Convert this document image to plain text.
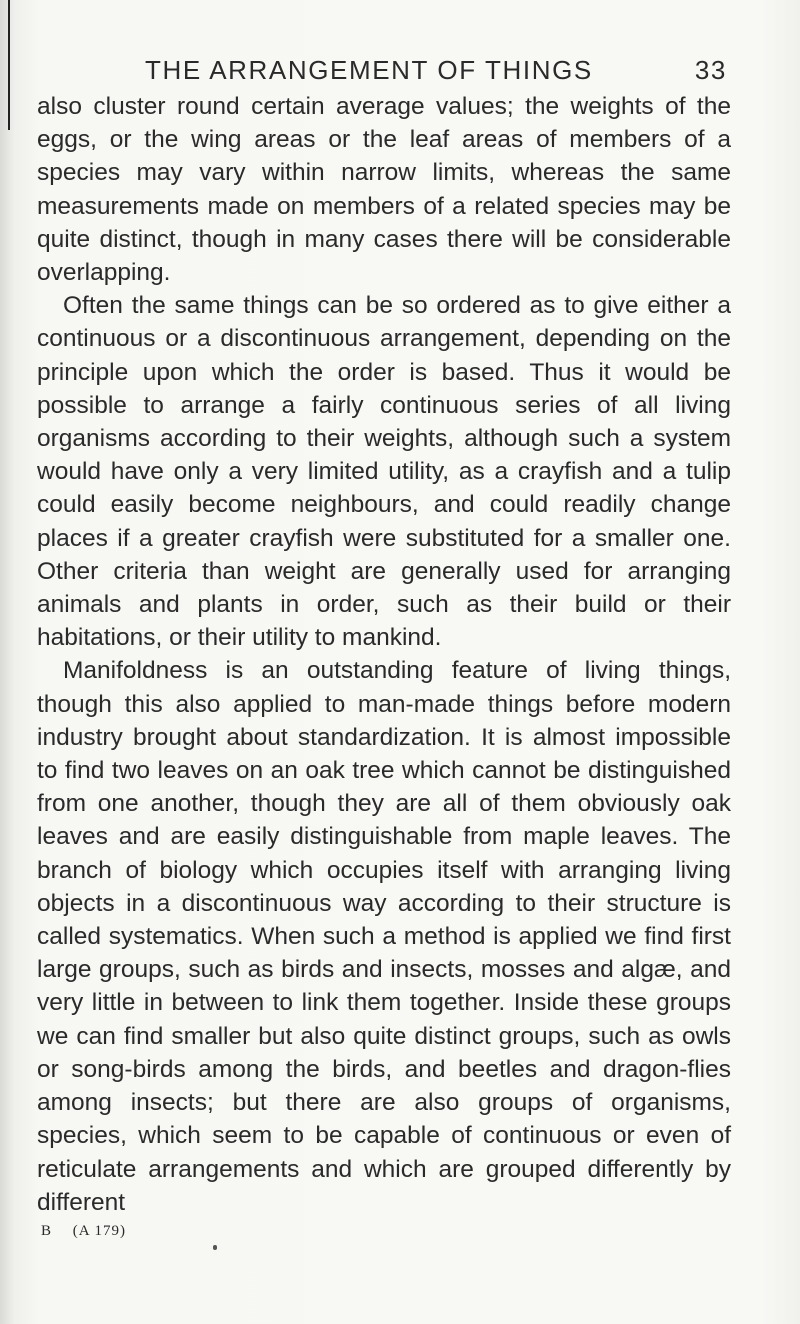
THE ARRANGEMENT OF THINGS	33

also cluster round certain average values; the weights of the eggs, or the wing areas or the leaf areas of members of a species may vary within narrow limits, whereas the same measurements made on members of a related species may be quite distinct, though in many cases there will be considerable overlapping.

Often the same things can be so ordered as to give either a continuous or a discontinuous arrangement, depending on the principle upon which the order is based. Thus it would be possible to arrange a fairly continuous series of all living organisms according to their weights, although such a system would have only a very limited utility, as a crayfish and a tulip could easily become neighbours, and could readily change places if a greater crayfish were substituted for a smaller one. Other criteria than weight are generally used for arranging animals and plants in order, such as their build or their habitations, or their utility to mankind.

Manifoldness is an outstanding feature of living things, though this also applied to man-made things before modern industry brought about standardization. It is almost impossible to find two leaves on an oak tree which cannot be distinguished from one another, though they are all of them obviously oak leaves and are easily distinguishable from maple leaves. The branch of biology which occupies itself with arranging living objects in a discontinuous way according to their structure is called systematics. When such a method is applied we find first large groups, such as birds and insects, mosses and algæ, and very little in between to link them together. Inside these groups we can find smaller but also quite distinct groups, such as owls or song-birds among the birds, and beetles and dragon-flies among insects; but there are also groups of organisms, species, which seem to be capable of continuous or even of reticulate arrangements and which are grouped differently by different

B (A 179)
